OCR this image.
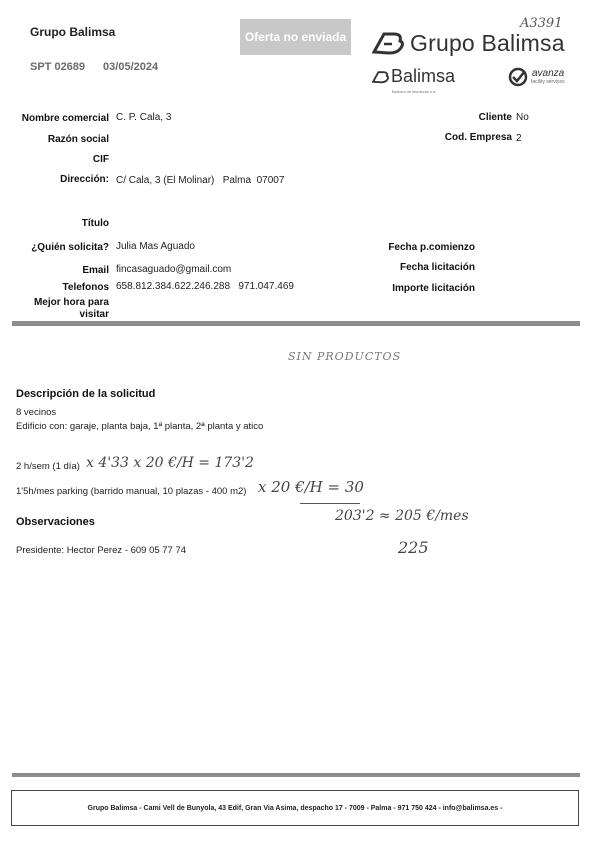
Grupo Balimsa
SPT 02689 03/05/2024
Oferta no enviada
A3391
Grupo Balimsa
Balimsa
Balears de limpiezas s.a.
avanza
facility services
Nombre comercial C. P. Cala, 3
Razón social
CIF
Dirección: C/ Cala, 3 (El Molinar)   Palma  07007
Cliente No
Cod. Empresa 2
Título
¿Quién solicita? Julia Mas Aguado
Email fincasaguado@gmail.com
Telefonos 658.812.384.622.246.288   971.047.469
Mejor hora para
visitar
Fecha p.comienzo
Fecha licitación
Importe licitación
SIN PRODUCTOS
Descripción de la solicitud
8 vecinos
Edificio con: garaje, planta baja, 1ª planta, 2ª planta y atico
2 h/sem (1 día) x 4'33 x 20 €/H = 173'2
1'5h/mes parking (barrido manual, 10 plazas - 400 m2) x 20 €/H = 30
203'2 ≈ 205 €/mes
225
Observaciones
Presidente: Hector Perez - 609 05 77 74
Grupo Balimsa - Cami Vell de Bunyola, 43 Edif, Gran Via Asima, despacho 17 - 7009 - Palma - 971 750 424 - info@balimsa.es -
